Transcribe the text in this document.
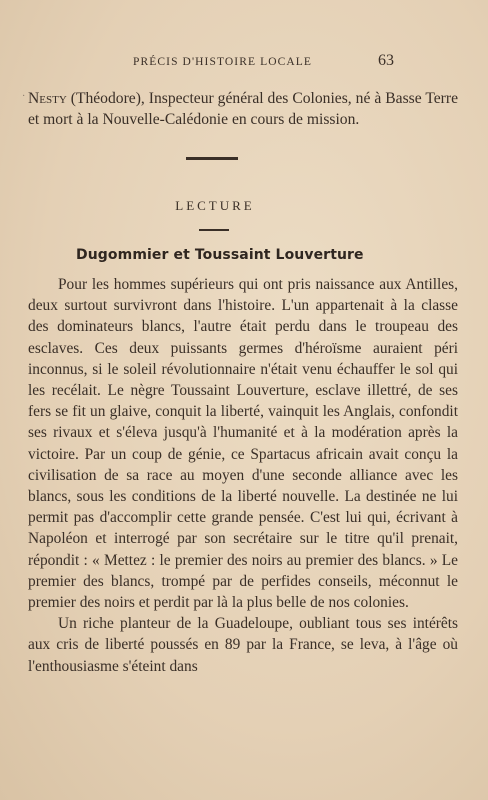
PRÉCIS D'HISTOIRE LOCALE	63
· Nesty (Théodore), Inspecteur général des Colonies, né à Basse Terre et mort à la Nouvelle-Calédonie en cours de mission.
LECTURE
Dugommier et Toussaint Louverture

Pour les hommes supérieurs qui ont pris naissance aux Antilles, deux surtout survivront dans l'histoire. L'un appartenait à la classe des dominateurs blancs, l'autre était perdu dans le troupeau des esclaves. Ces deux puissants germes d'héroïsme auraient péri inconnus, si le soleil révolutionnaire n'était venu échauffer le sol qui les recélait. Le nègre Toussaint Louverture, esclave illettré, de ses fers se fit un glaive, conquit la liberté, vainquit les Anglais, confondit ses rivaux et s'éleva jusqu'à l'humanité et à la modération après la victoire. Par un coup de génie, ce Spartacus africain avait conçu la civilisation de sa race au moyen d'une seconde alliance avec les blancs, sous les conditions de la liberté nouvelle. La destinée ne lui permit pas d'accomplir cette grande pensée. C'est lui qui, écrivant à Napoléon et interrogé par son secrétaire sur le titre qu'il prenait, répondit : « Mettez : le premier des noirs au premier des blancs. » Le premier des blancs, trompé par de perfides conseils, méconnut le premier des noirs et perdit par là la plus belle de nos colonies.

Un riche planteur de la Guadeloupe, oubliant tous ses intérêts aux cris de liberté poussés en 89 par la France, se leva, à l'âge où l'enthousiasme s'éteint dans
